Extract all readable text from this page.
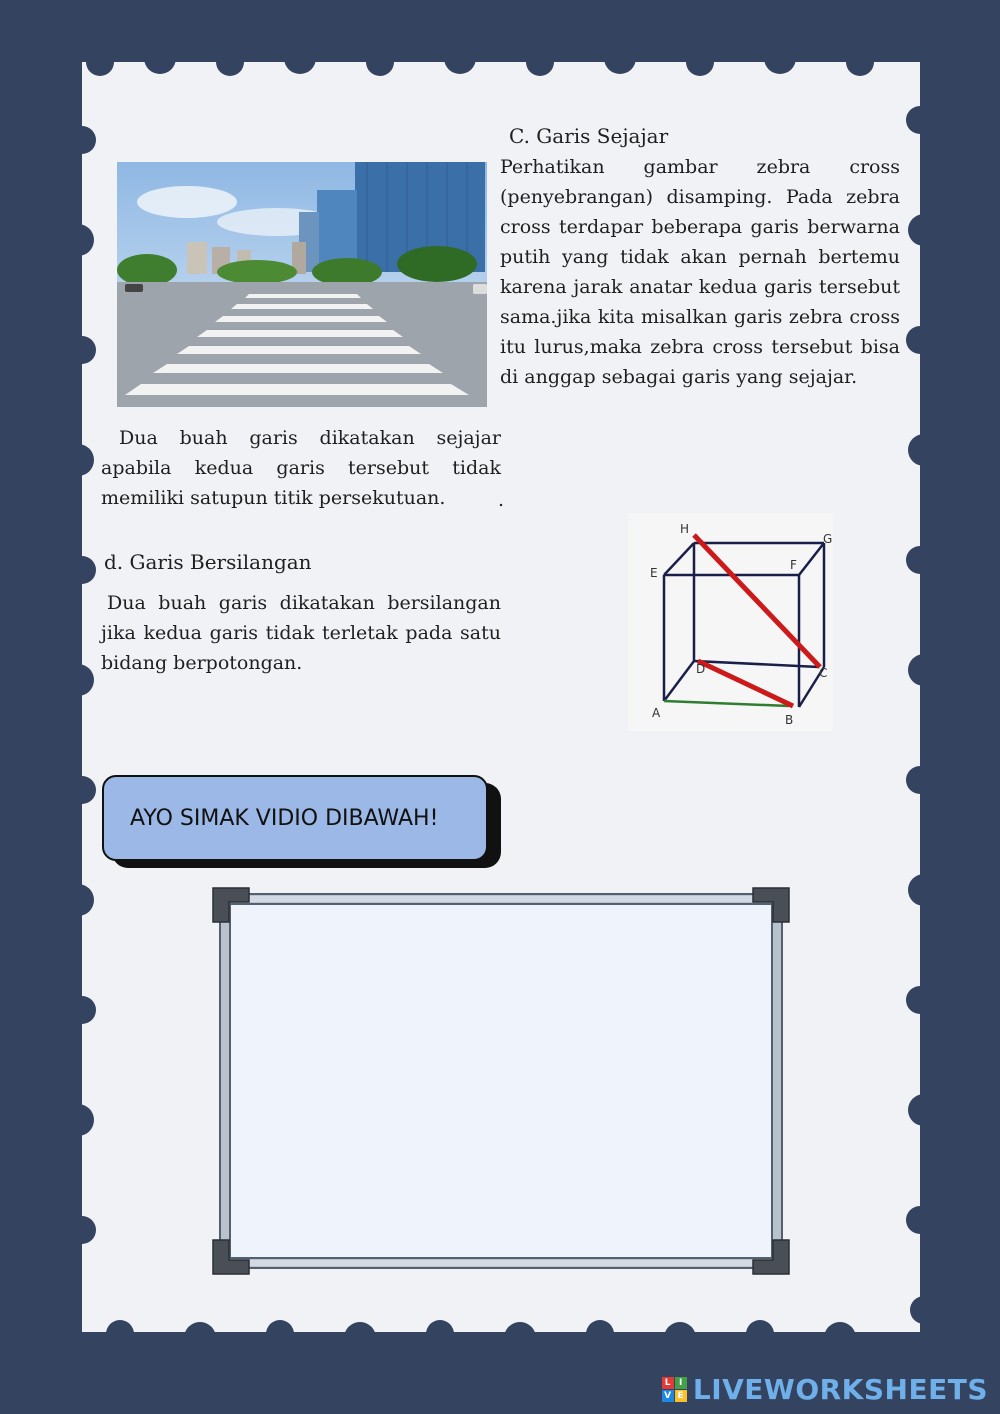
C. Garis Sejajar
Perhatikan gambar zebra cross (penyebrangan) disamping. Pada zebra cross terdapar beberapa garis berwarna putih yang tidak akan pernah bertemu karena jarak anatar kedua garis tersebut sama.jika kita misalkan garis zebra cross itu lurus,maka zebra cross tersebut bisa di anggap sebagai garis yang sejajar.
Dua buah garis dikatakan sejajar apabila kedua garis tersebut tidak memiliki satupun titik persekutuan.	.
d. Garis Bersilangan
Dua buah garis dikatakan bersilangan jika kedua garis tidak terletak pada satu bidang berpotongan.
H
G
E
F
D	C
A	B
AYO SIMAK VIDIO DIBAWAH!
L I
V E LIVEWORKSHEETS
